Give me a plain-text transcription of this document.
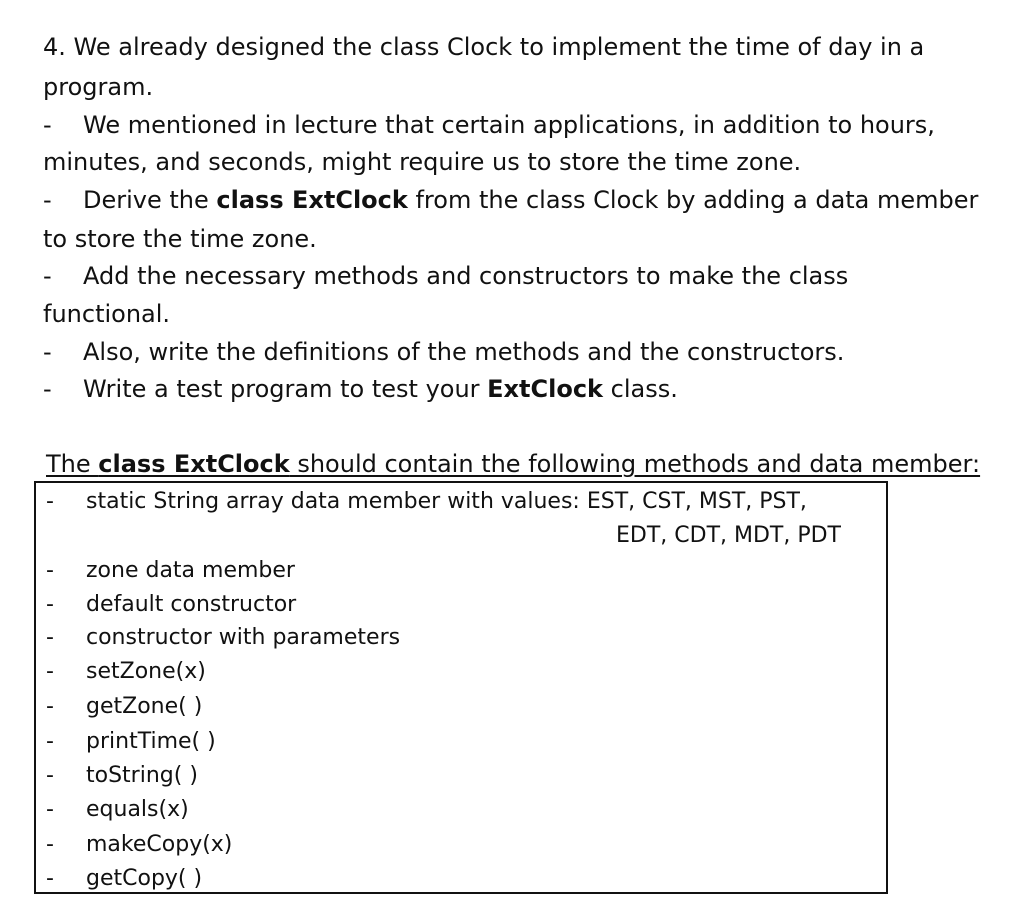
4. We already designed the class Clock to implement the time of day in a
program.
- We mentioned in lecture that certain applications, in addition to hours,
minutes, and seconds, might require us to store the time zone.
- Derive the class ExtClock from the class Clock by adding a data member
to store the time zone.
- Add the necessary methods and constructors to make the class
functional.
- Also, write the definitions of the methods and the constructors.
- Write a test program to test your ExtClock class.
The class ExtClock should contain the following methods and data member:
- static String array data member with values: EST, CST, MST, PST,
EDT, CDT, MDT, PDT
- zone data member
- default constructor
- constructor with parameters
- setZone(x)
- getZone( )
- printTime( )
- toString( )
- equals(x)
- makeCopy(x)
- getCopy( )
